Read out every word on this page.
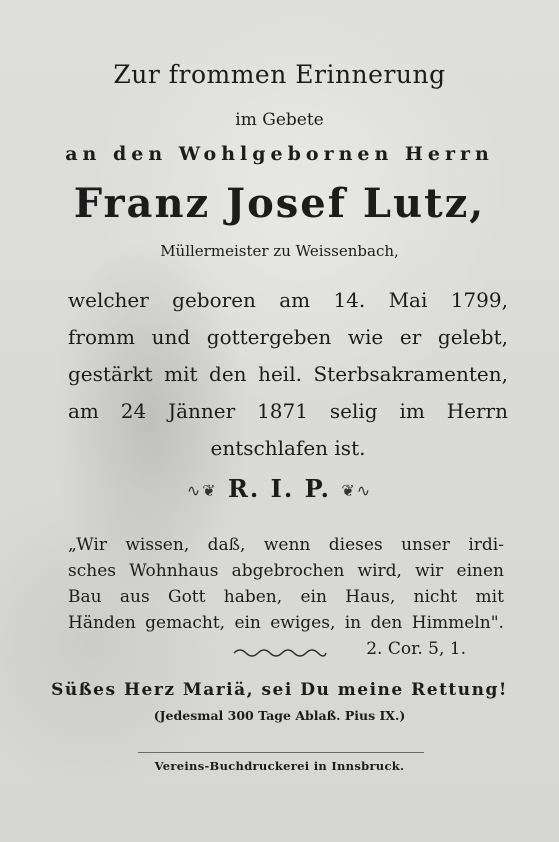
Zur frommen Erinnerung
im Gebete
an den Wohlgebornen Herrn
Franz Josef Lutz,
Müllermeister zu Weissenbach,
welcher geboren am 14. Mai 1799,
fromm und gottergeben wie er gelebt,
gestärkt mit den heil. Sterbsakramenten,
am 24 Jänner 1871 selig im Herrn
entschlafen ist.
∿❦ R. I. P. ❦∿
„Wir wissen, daß, wenn dieses unser irdi-
sches Wohnhaus abgebrochen wird, wir einen
Bau aus Gott haben, ein Haus, nicht mit
Händen gemacht, ein ewiges, in den Himmeln".
2. Cor. 5, 1.
Süßes Herz Mariä, sei Du meine Rettung!
(Jedesmal 300 Tage Ablaß. Pius IX.)
Vereins-Buchdruckerei in Innsbruck.
